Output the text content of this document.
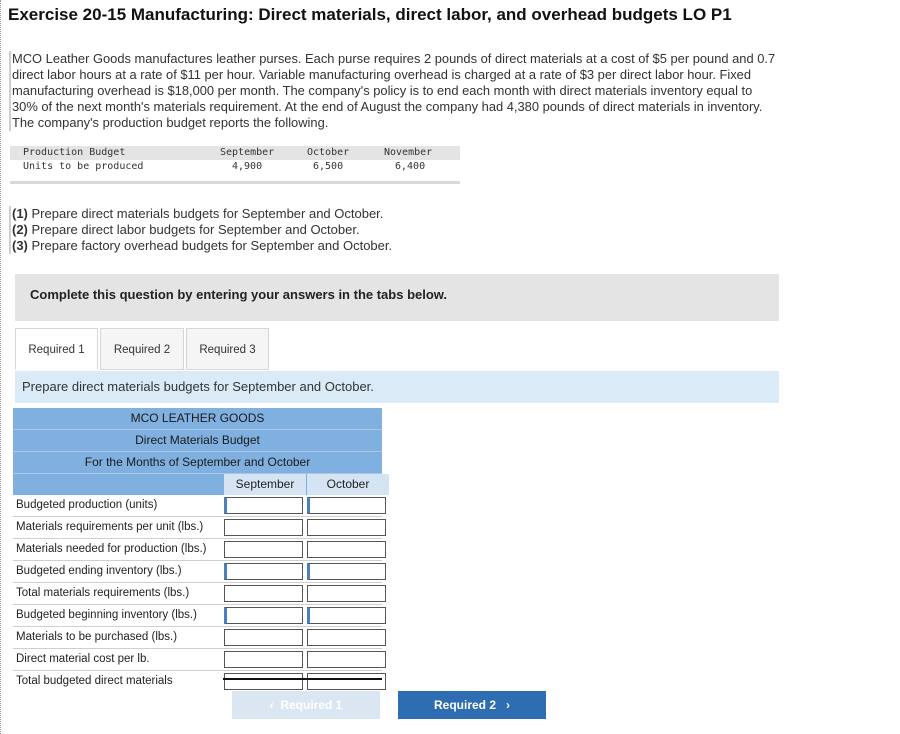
Exercise 20-15 Manufacturing: Direct materials, direct labor, and overhead budgets LO P1
MCO Leather Goods manufactures leather purses. Each purse requires 2 pounds of direct materials at a cost of $5 per pound and 0.7
direct labor hours at a rate of $11 per hour. Variable manufacturing overhead is charged at a rate of $3 per direct labor hour. Fixed
manufacturing overhead is $18,000 per month. The company's policy is to end each month with direct materials inventory equal to
30% of the next month's materials requirement. At the end of August the company had 4,380 pounds of direct materials in inventory.
The company's production budget reports the following.
Production Budget	September	October	November
Units to be produced	4,900	6,500	6,400
(1) Prepare direct materials budgets for September and October.
(2) Prepare direct labor budgets for September and October.
(3) Prepare factory overhead budgets for September and October.
Complete this question by entering your answers in the tabs below.
Required 1	Required 2	Required 3
Prepare direct materials budgets for September and October.
MCO LEATHER GOODS
Direct Materials Budget
For the Months of September and October
September	October
Budgeted production (units)
Materials requirements per unit (lbs.)
Materials needed for production (lbs.)
Budgeted ending inventory (lbs.)
Total materials requirements (lbs.)
Budgeted beginning inventory (lbs.)
Materials to be purchased (lbs.)
Direct material cost per lb.
Total budgeted direct materials
‹ Required 1	Required 2 ›
